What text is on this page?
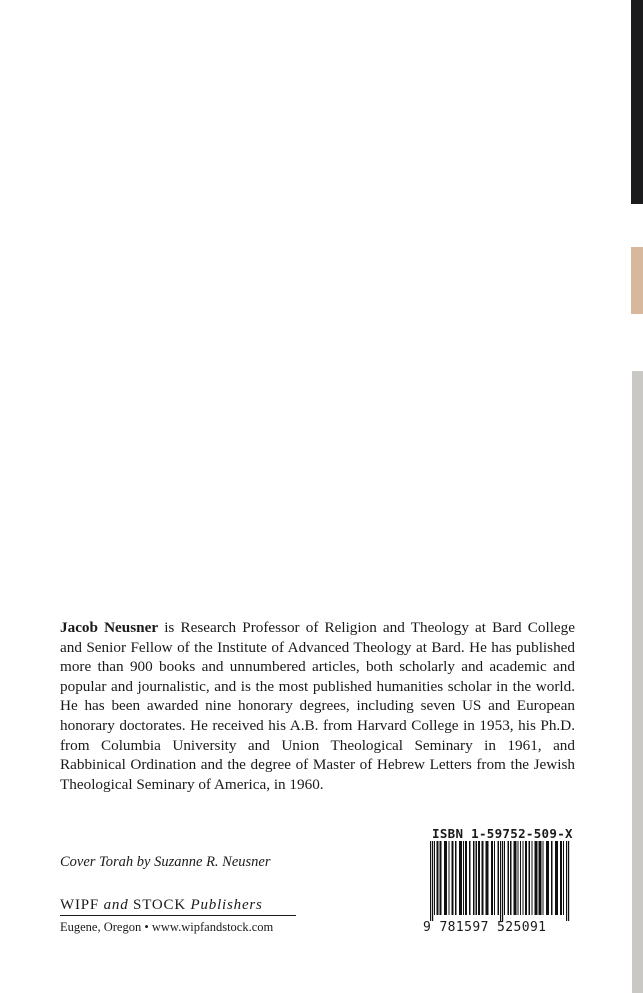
Jacob Neusner is Research Professor of Religion and Theology at Bard College and Senior Fellow of the Institute of Advanced Theology at Bard. He has published more than 900 books and unnumbered articles, both scholarly and academic and popular and journalistic, and is the most published humanities scholar in the world. He has been awarded nine honorary degrees, including seven US and European honorary doctorates. He received his A.B. from Harvard College in 1953, his Ph.D. from Columbia University and Union Theological Seminary in 1961, and Rabbinical Ordination and the degree of Master of Hebrew Letters from the Jewish Theological Seminary of America, in 1960.

Cover Torah by Suzanne R. Neusner
WIPF and STOCK Publishers
Eugene, Oregon • www.wipfandstock.com
ISBN 1-59752-509-X
9 781597 525091
